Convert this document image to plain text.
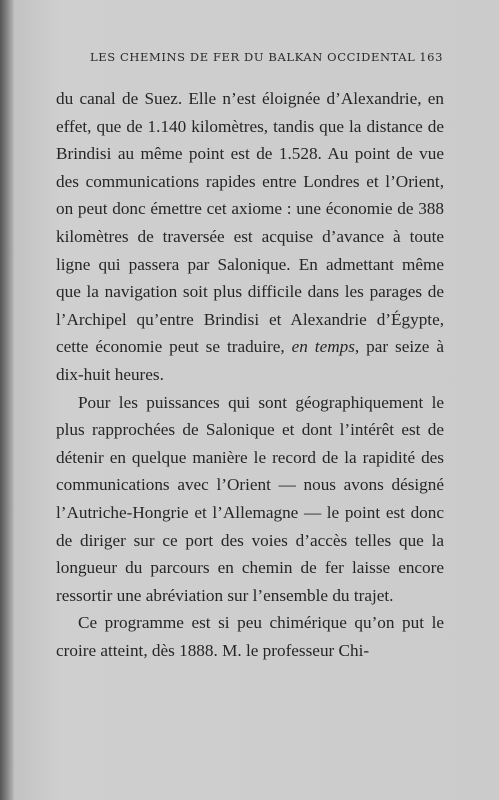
LES CHEMINS DE FER DU BALKAN OCCIDENTAL 163

du canal de Suez. Elle n’est éloignée d’Alexandrie, en effet, que de 1.140 kilomètres, tandis que la distance de Brindisi au même point est de 1.528. Au point de vue des communications rapides entre Londres et l’Orient, on peut donc émettre cet axiome : une économie de 388 kilomètres de traversée est acquise d’avance à toute ligne qui passera par Salonique. En admettant même que la navigation soit plus difficile dans les parages de l’Archipel qu’entre Brindisi et Alexandrie d’Égypte, cette économie peut se traduire, en temps, par seize à dix-huit heures.

Pour les puissances qui sont géographiquement le plus rapprochées de Salonique et dont l’intérêt est de détenir en quelque manière le record de la rapidité des communications avec l’Orient — nous avons désigné l’Autriche-Hongrie et l’Allemagne — le point est donc de diriger sur ce port des voies d’accès telles que la longueur du parcours en chemin de fer laisse encore ressortir une abréviation sur l’ensemble du trajet.

Ce programme est si peu chimérique qu’on put le croire atteint, dès 1888. M. le professeur Chi-
